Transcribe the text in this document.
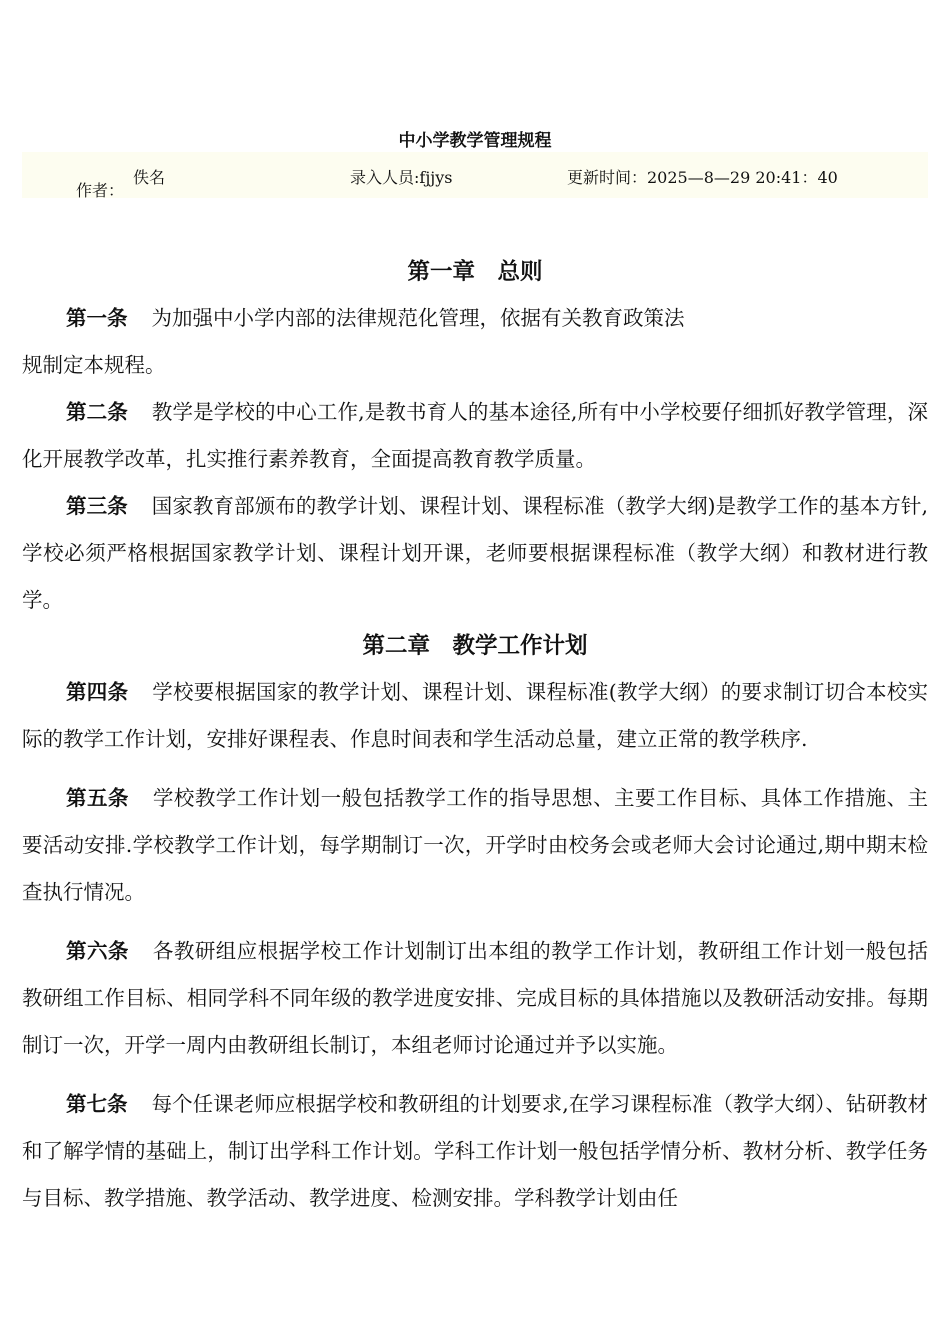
中小学教学管理规程
作者：
佚名	录入人员:fjjys	更新时间：2025—8—29 20:41：40

第一章　总则

第一条 为加强中小学内部的法律规范化管理，依据有关教育政策法

规制定本规程。

第二条 教学是学校的中心工作,是教书育人的基本途径,所有中小学校要仔细抓好教学管理，深化开展教学改革，扎实推行素养教育，全面提高教育教学质量。

第三条 国家教育部颁布的教学计划、课程计划、课程标准（教学大纲)是教学工作的基本方针,学校必须严格根据国家教学计划、课程计划开课，老师要根据课程标准（教学大纲）和教材进行教学。

第二章　教学工作计划

第四条 学校要根据国家的教学计划、课程计划、课程标准(教学大纲）的要求制订切合本校实际的教学工作计划，安排好课程表、作息时间表和学生活动总量，建立正常的教学秩序.

第五条 学校教学工作计划一般包括教学工作的指导思想、主要工作目标、具体工作措施、主要活动安排.学校教学工作计划，每学期制订一次，开学时由校务会或老师大会讨论通过,期中期末检查执行情况。

第六条 各教研组应根据学校工作计划制订出本组的教学工作计划，教研组工作计划一般包括教研组工作目标、相同学科不同年级的教学进度安排、完成目标的具体措施以及教研活动安排。每期制订一次，开学一周内由教研组长制订，本组老师讨论通过并予以实施。

第七条 每个任课老师应根据学校和教研组的计划要求,在学习课程标准（教学大纲）、钻研教材和了解学情的基础上，制订出学科工作计划。学科工作计划一般包括学情分析、教材分析、教学任务与目标、教学措施、教学活动、教学进度、检测安排。学科教学计划由任
